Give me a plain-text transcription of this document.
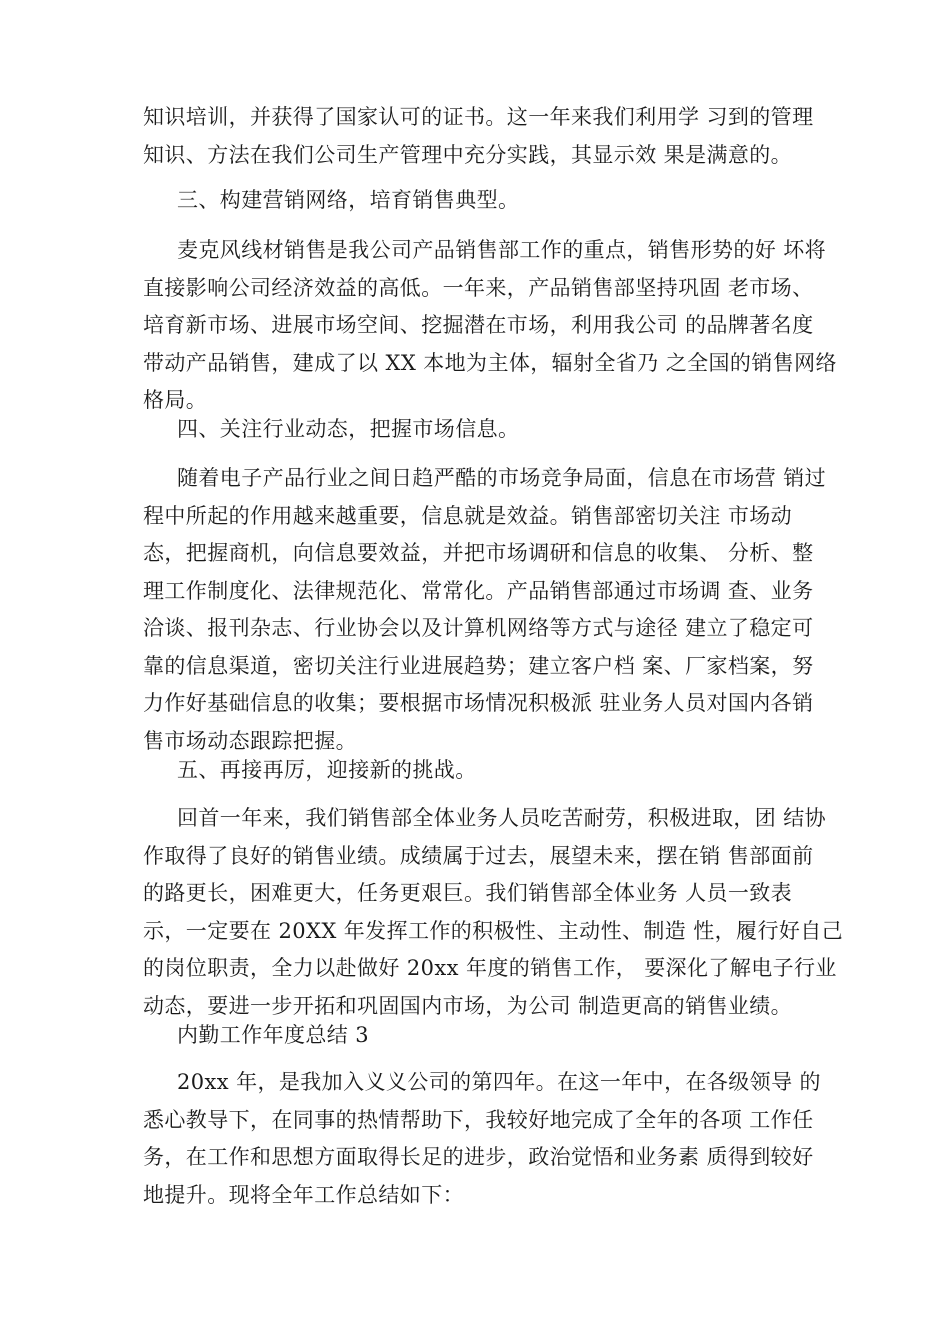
知识培训，并获得了国家认可的证书。这一年来我们利用学 习到的管理
知识、方法在我们公司生产管理中充分实践，其显示效 果是满意的。
三、构建营销网络，培育销售典型。
麦克风线材销售是我公司产品销售部工作的重点，销售形势的好 坏将
直接影响公司经济效益的高低。一年来，产品销售部坚持巩固 老市场、
培育新市场、进展市场空间、挖掘潜在市场，利用我公司 的品牌著名度
带动产品销售，建成了以 XX 本地为主体，辐射全省乃 之全国的销售网络
格局。
四、关注行业动态，把握市场信息。
随着电子产品行业之间日趋严酷的市场竞争局面，信息在市场营 销过
程中所起的作用越来越重要，信息就是效益。销售部密切关注 市场动
态，把握商机，向信息要效益，并把市场调研和信息的收集、 分析、整
理工作制度化、法律规范化、常常化。产品销售部通过市场调 查、业务
洽谈、报刊杂志、行业协会以及计算机网络等方式与途径 建立了稳定可
靠的信息渠道，密切关注行业进展趋势；建立客户档 案、厂家档案，努
力作好基础信息的收集；要根据市场情况积极派 驻业务人员对国内各销
售市场动态跟踪把握。
五、再接再厉，迎接新的挑战。
回首一年来，我们销售部全体业务人员吃苦耐劳，积极进取，团 结协
作取得了良好的销售业绩。成绩属于过去，展望未来，摆在销 售部面前
的路更长，困难更大，任务更艰巨。我们销售部全体业务 人员一致表
示，一定要在 20XX 年发挥工作的积极性、主动性、制造 性，履行好自己
的岗位职责，全力以赴做好 20xx 年度的销售工作， 要深化了解电子行业
动态，要进一步开拓和巩固国内市场，为公司 制造更高的销售业绩。
内勤工作年度总结 3
20xx 年，是我加入义义公司的第四年。在这一年中，在各级领导 的
悉心教导下，在同事的热情帮助下，我较好地完成了全年的各项 工作任
务，在工作和思想方面取得长足的进步，政治觉悟和业务素 质得到较好
地提升。现将全年工作总结如下：
